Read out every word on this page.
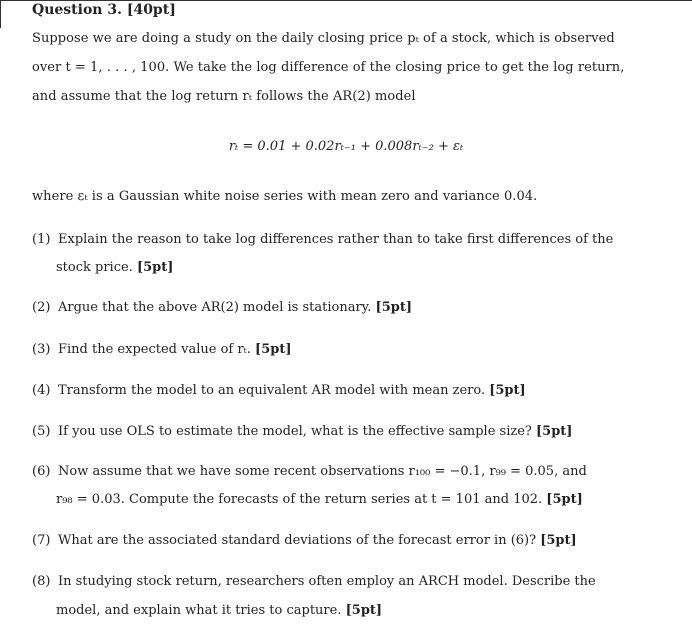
Question 3. [40pt]
Suppose we are doing a study on the daily closing price pₜ of a stock, which is observed
over t = 1, . . . , 100. We take the log difference of the closing price to get the log return,
and assume that the log return rₜ follows the AR(2) model
rₜ = 0.01 + 0.02rₜ₋₁ + 0.008rₜ₋₂ + εₜ
where εₜ is a Gaussian white noise series with mean zero and variance 0.04.
(1) Explain the reason to take log differences rather than to take first differences of the
stock price. [5pt]
(2) Argue that the above AR(2) model is stationary. [5pt]
(3) Find the expected value of rₜ. [5pt]
(4) Transform the model to an equivalent AR model with mean zero. [5pt]
(5) If you use OLS to estimate the model, what is the effective sample size? [5pt]
(6) Now assume that we have some recent observations r₁₀₀ = −0.1, r₉₉ = 0.05, and
r₉₈ = 0.03. Compute the forecasts of the return series at t = 101 and 102. [5pt]
(7) What are the associated standard deviations of the forecast error in (6)? [5pt]
(8) In studying stock return, researchers often employ an ARCH model. Describe the
model, and explain what it tries to capture. [5pt]
